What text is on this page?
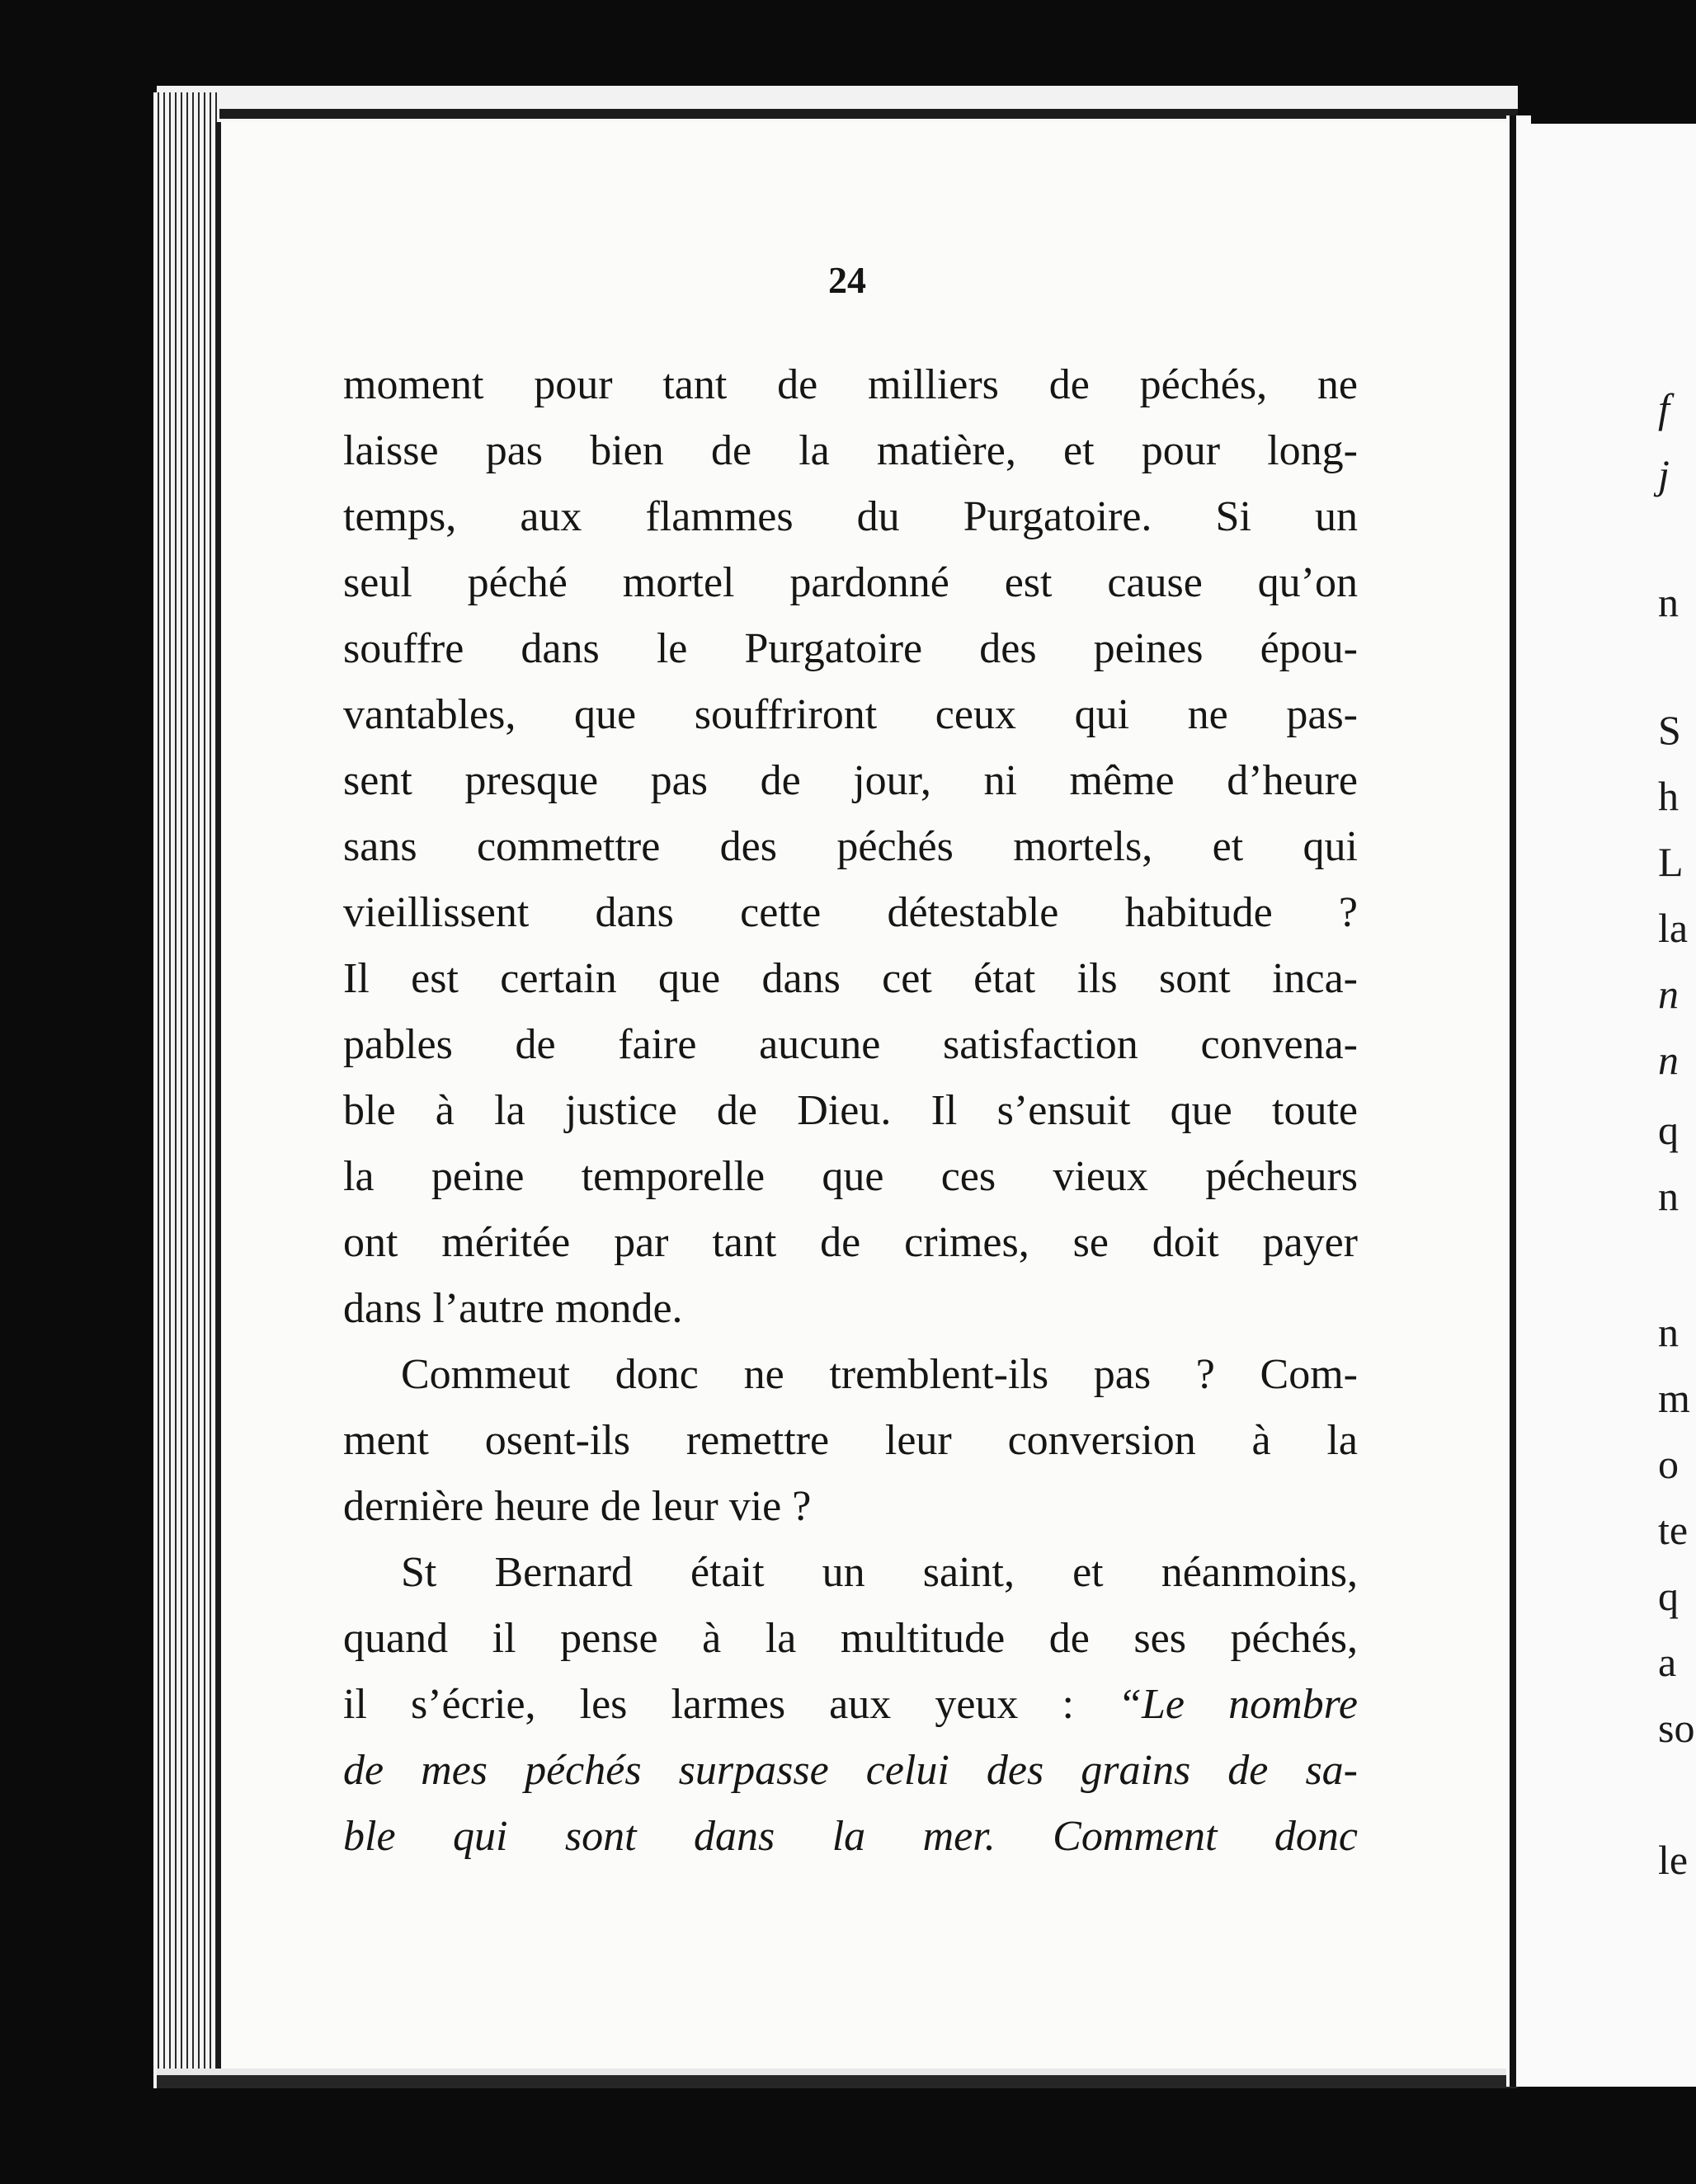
24
moment pour tant de milliers de péchés, ne
laisse pas bien de la matière, et pour long-
temps, aux flammes du Purgatoire. Si un
seul péché mortel pardonné est cause qu’on
souffre dans le Purgatoire des peines épou-
vantables, que souffriront ceux qui ne pas-
sent presque pas de jour, ni même d’heure
sans commettre des péchés mortels, et qui
vieillissent dans cette détestable habitude ?
Il est certain que dans cet état ils sont inca-
pables de faire aucune satisfaction convena-
ble à la justice de Dieu. Il s’ensuit que toute
la peine temporelle que ces vieux pécheurs
ont méritée par tant de crimes, se doit payer
dans l’autre monde.
Commeut donc ne tremblent-ils pas ? Com-
ment osent-ils remettre leur conversion à la
dernière heure de leur vie ?
St Bernard était un saint, et néanmoins,
quand il pense à la multitude de ses péchés,
il s’écrie, les larmes aux yeux : “Le nombre
de mes péchés surpasse celui des grains de sa-
ble qui sont dans la mer. Comment donc
f
j
n
S
h
L
la
n
n
q
n
n
m
o
te
q
a
so
le
